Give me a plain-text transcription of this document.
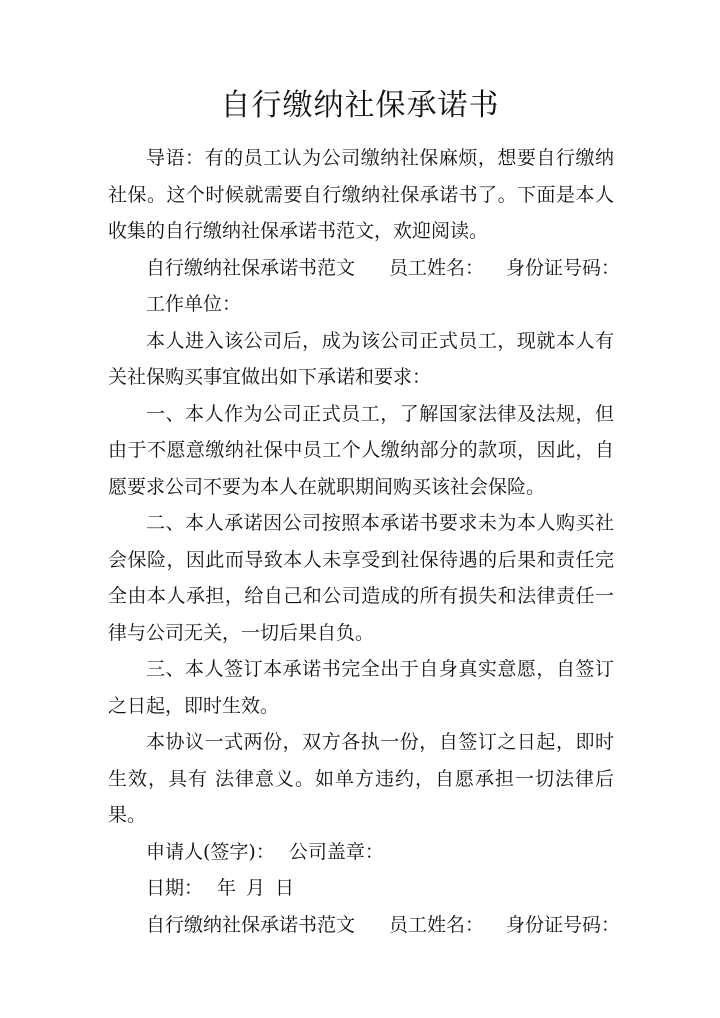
自行缴纳社保承诺书

导语：有的员工认为公司缴纳社保麻烦，想要自行缴纳社保。这个时候就需要自行缴纳社保承诺书了。下面是本人收集的自行缴纳社保承诺书范文，欢迎阅读。

自行缴纳社保承诺书范文 员工姓名： 身份证号码：

工作单位：

本人进入该公司后，成为该公司正式员工，现就本人有关社保购买事宜做出如下承诺和要求：

一、本人作为公司正式员工，了解国家法律及法规，但由于不愿意缴纳社保中员工个人缴纳部分的款项，因此，自愿要求公司不要为本人在就职期间购买该社会保险。

二、本人承诺因公司按照本承诺书要求未为本人购买社会保险，因此而导致本人未享受到社保待遇的后果和责任完全由本人承担，给自己和公司造成的所有损失和法律责任一律与公司无关，一切后果自负。

三、本人签订本承诺书完全出于自身真实意愿，自签订之日起，即时生效。

本协议一式两份，双方各执一份，自签订之日起，即时生效，具有 法律意义。如单方违约，自愿承担一切法律后果。

申请人(签字)： 公司盖章：

日期： 年 月 日

自行缴纳社保承诺书范文 员工姓名： 身份证号码：
